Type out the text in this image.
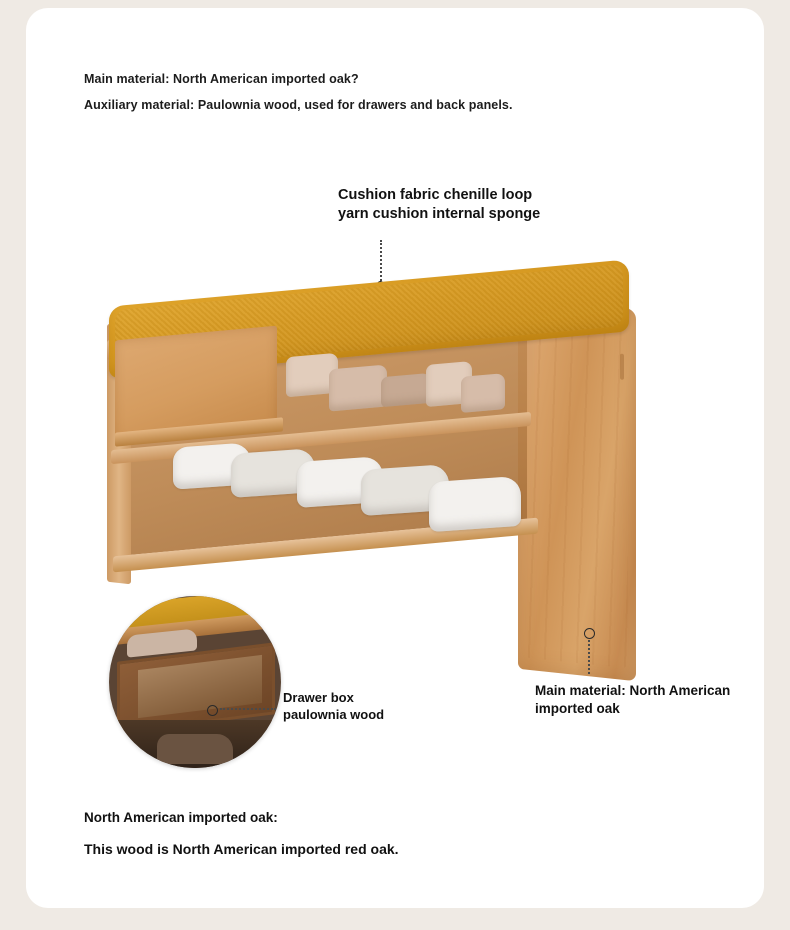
Main material: North American imported oak?
Auxiliary material: Paulownia wood, used for drawers and back panels.
Cushion fabric chenille loop
yarn cushion internal sponge
Drawer box
paulownia wood
Main material: North American
imported oak
North American imported oak:
This wood is North American imported red oak.
